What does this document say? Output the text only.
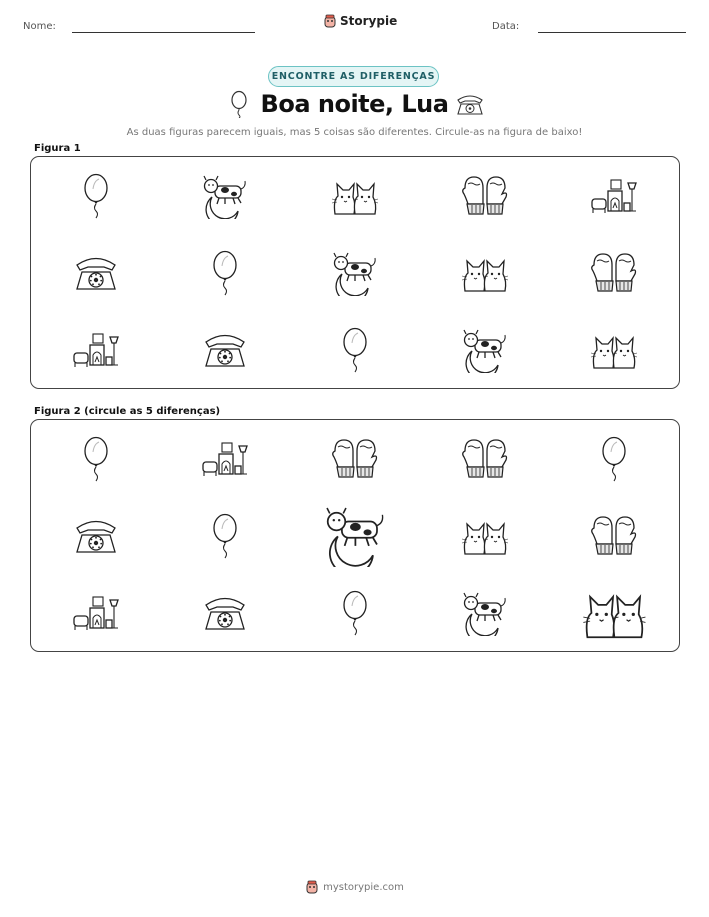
Nome:	Storypie	Data:
ENCONTRE AS DIFERENÇAS
Boa noite, Lua
As duas figuras parecem iguais, mas 5 coisas são diferentes. Circule-as na figura de baixo!
Figura 1
Figura 2 (circule as 5 diferenças)
mystorypie.com
